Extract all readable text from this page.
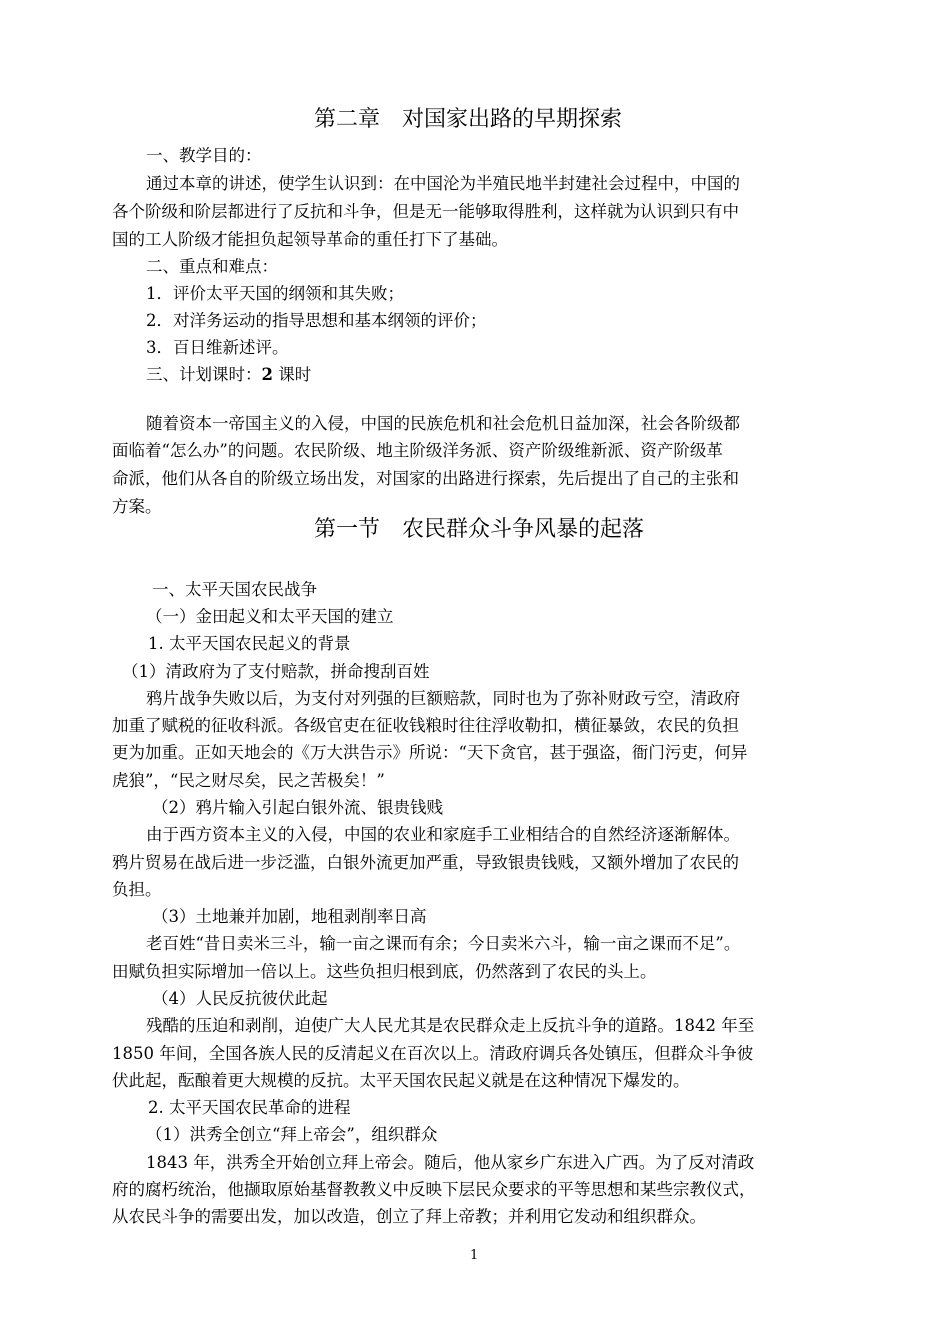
第二章　对国家出路的早期探索
一、教学目的：
通过本章的讲述，使学生认识到：在中国沦为半殖民地半封建社会过程中，中国的
各个阶级和阶层都进行了反抗和斗争，但是无一能够取得胜利，这样就为认识到只有中
国的工人阶级才能担负起领导革命的重任打下了基础。
二、重点和难点：
1．评价太平天国的纲领和其失败；
2．对洋务运动的指导思想和基本纲领的评价；
3．百日维新述评。
三、计划课时：2 课时
随着资本一帝国主义的入侵，中国的民族危机和社会危机日益加深，社会各阶级都
面临着“怎么办”的问题。农民阶级、地主阶级洋务派、资产阶级维新派、资产阶级革
命派，他们从各自的阶级立场出发，对国家的出路进行探索，先后提出了自己的主张和
方案。
第一节　农民群众斗争风暴的起落
一、太平天国农民战争
（一）金田起义和太平天国的建立
1. 太平天国农民起义的背景
（1）清政府为了支付赔款，拼命搜刮百姓
鸦片战争失败以后，为支付对列强的巨额赔款，同时也为了弥补财政亏空，清政府
加重了赋税的征收科派。各级官吏在征收钱粮时往往浮收勒扣，横征暴敛，农民的负担
更为加重。正如天地会的《万大洪告示》所说：“天下贪官，甚于强盗，衙门污吏，何异
虎狼”，“民之财尽矣，民之苦极矣！”
（2）鸦片输入引起白银外流、银贵钱贱
由于西方资本主义的入侵，中国的农业和家庭手工业相结合的自然经济逐渐解体。
鸦片贸易在战后进一步泛滥，白银外流更加严重，导致银贵钱贱，又额外增加了农民的
负担。
（3）土地兼并加剧，地租剥削率日高
老百姓“昔日卖米三斗，输一亩之课而有余；今日卖米六斗，输一亩之课而不足”。
田赋负担实际增加一倍以上。这些负担归根到底，仍然落到了农民的头上。
（4）人民反抗彼伏此起
残酷的压迫和剥削，迫使广大人民尤其是农民群众走上反抗斗争的道路。1842 年至
1850 年间，全国各族人民的反清起义在百次以上。清政府调兵各处镇压，但群众斗争彼
伏此起，酝酿着更大规模的反抗。太平天国农民起义就是在这种情况下爆发的。
2. 太平天国农民革命的进程
（1）洪秀全创立“拜上帝会”，组织群众
1843 年，洪秀全开始创立拜上帝会。随后，他从家乡广东进入广西。为了反对清政
府的腐朽统治，他撷取原始基督教教义中反映下层民众要求的平等思想和某些宗教仪式，
从农民斗争的需要出发，加以改造，创立了拜上帝教；并利用它发动和组织群众。
1
